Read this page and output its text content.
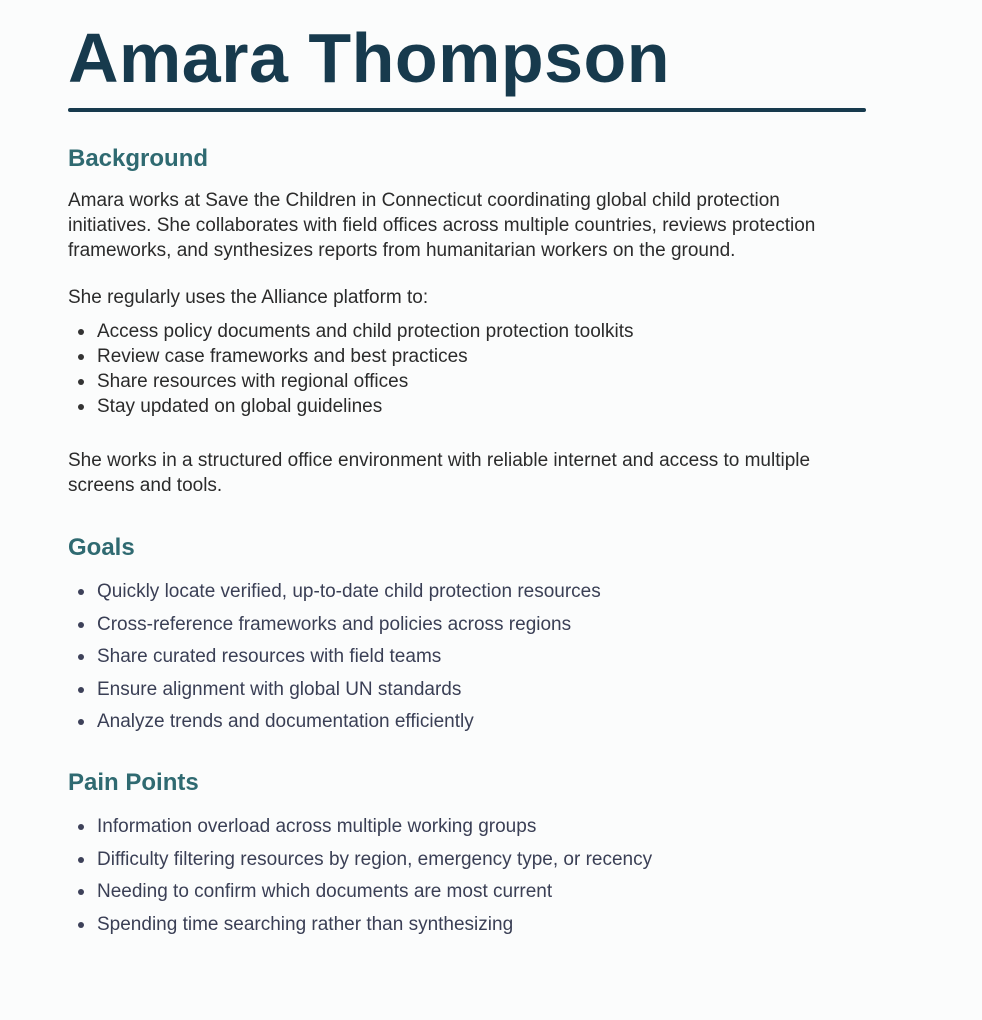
Amara Thompson
Background

Amara works at Save the Children in Connecticut coordinating global child protection initiatives. She collaborates with field offices across multiple countries, reviews protection frameworks, and synthesizes reports from humanitarian workers on the ground.

She regularly uses the Alliance platform to:

Access policy documents and child protection protection toolkits
Review case frameworks and best practices
Share resources with regional offices
Stay updated on global guidelines

She works in a structured office environment with reliable internet and access to multiple screens and tools.

Goals
Quickly locate verified, up-to-date child protection resources
Cross-reference frameworks and policies across regions
Share curated resources with field teams
Ensure alignment with global UN standards
Analyze trends and documentation efficiently
Pain Points
Information overload across multiple working groups
Difficulty filtering resources by region, emergency type, or recency
Needing to confirm which documents are most current
Spending time searching rather than synthesizing
